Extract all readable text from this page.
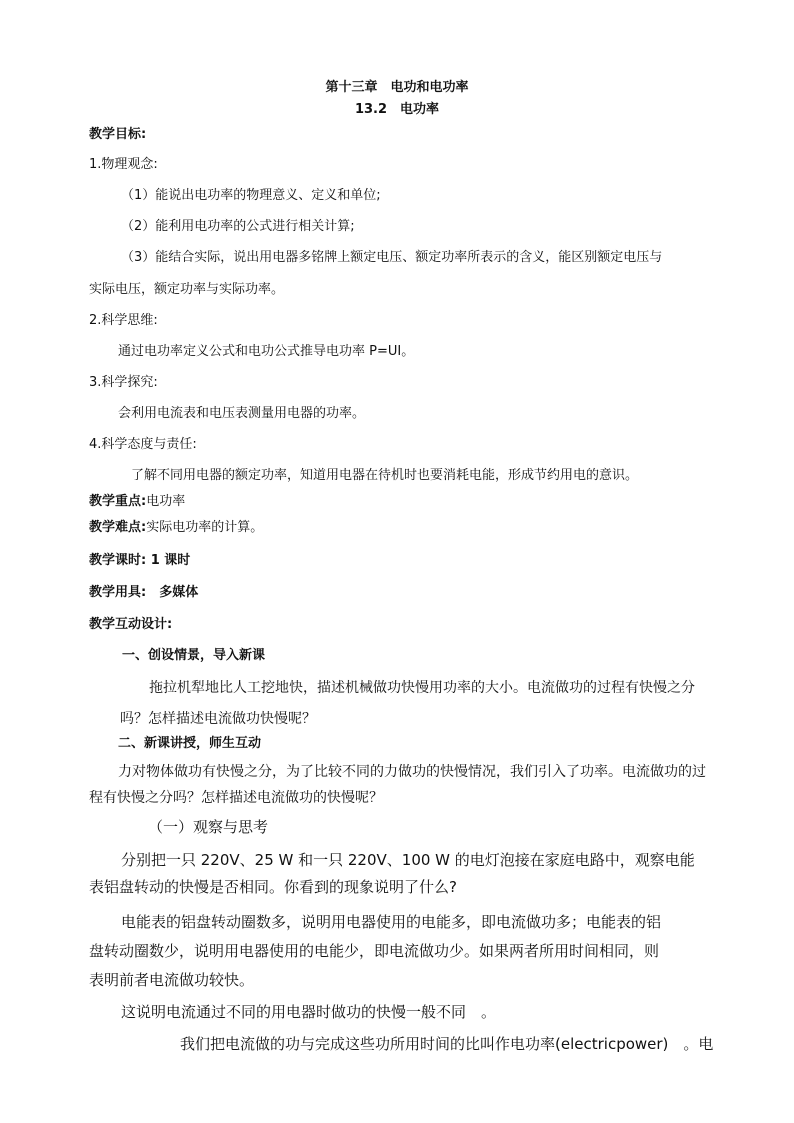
第十三章　电功和电功率
13.2　电功率
教学目标:
1.物理观念:
（1）能说出电功率的物理意义、定义和单位;
（2）能利用电功率的公式进行相关计算;
（3）能结合实际，说出用电器多铭牌上额定电压、额定功率所表示的含义，能区别额定电压与
实际电压，额定功率与实际功率。
2.科学思维:
通过电功率定义公式和电功公式推导电功率 P=UI。
3.科学探究:
会利用电流表和电压表测量用电器的功率。
4.科学态度与责任:
了解不同用电器的额定功率，知道用电器在待机时也要消耗电能，形成节约用电的意识。
教学重点:电功率
教学难点:实际电功率的计算。
教学课时: 1 课时
教学用具:　多媒体
教学互动设计:
一、创设情景，导入新课
拖拉机犁地比人工挖地快，描述机械做功快慢用功率的大小。电流做功的过程有快慢之分
吗？怎样描述电流做功快慢呢？
二、新课讲授，师生互动
力对物体做功有快慢之分，为了比较不同的力做功的快慢情况，我们引入了功率。电流做功的过
程有快慢之分吗？怎样描述电流做功的快慢呢？
（一）观察与思考
分别把一只 220V、25 W 和一只 220V、100 W 的电灯泡接在家庭电路中，观察电能
表铝盘转动的快慢是否相同。你看到的现象说明了什么?
电能表的铝盘转动圈数多，说明用电器使用的电能多，即电流做功多；电能表的铝
盘转动圈数少，说明用电器使用的电能少，即电流做功少。如果两者所用时间相同，则
表明前者电流做功较快。
这说明电流通过不同的用电器时做功的快慢一般不同　。
我们把电流做的功与完成这些功所用时间的比叫作电功率(electricpower)　。电
